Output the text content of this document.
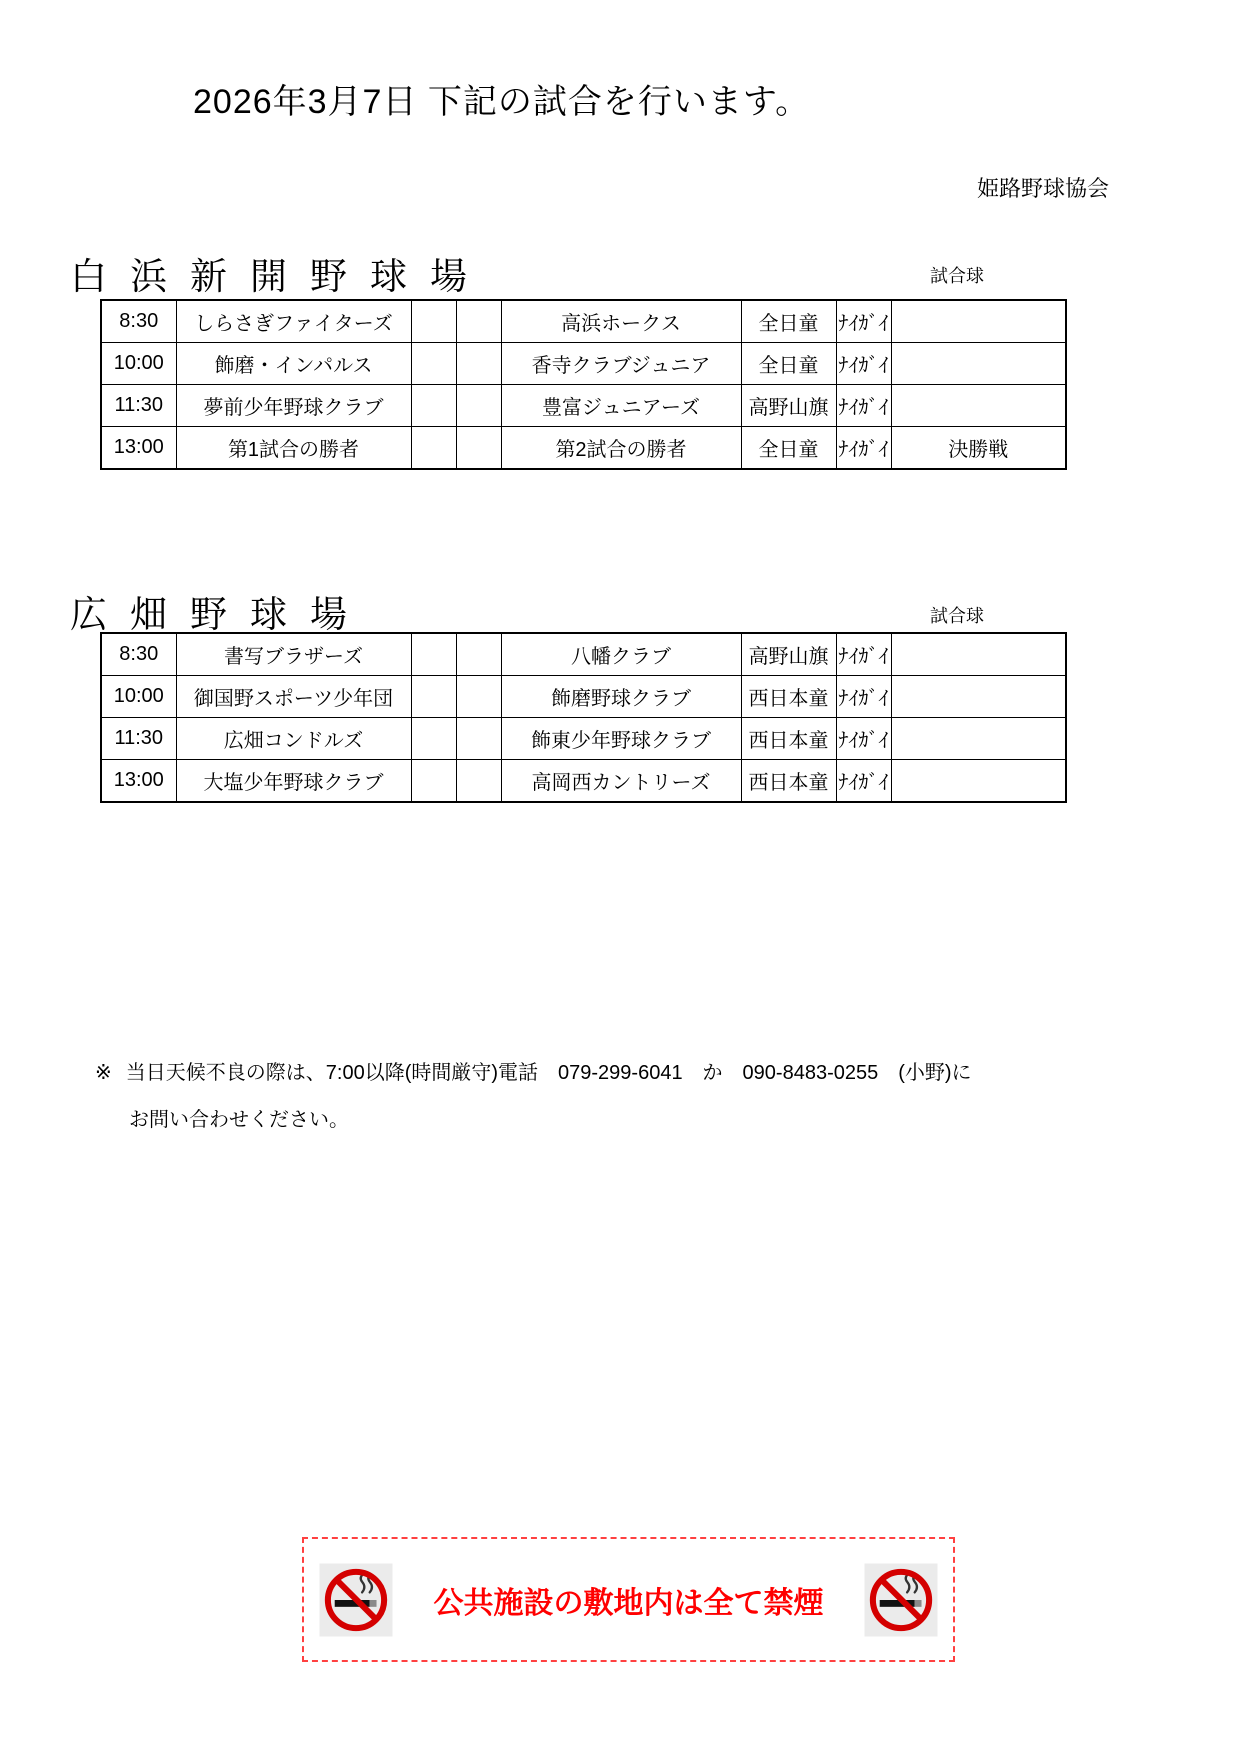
2026年3月7日 下記の試合を行います。
姫路野球協会
白浜新開野球場	試合球
8:30	しらさぎファイターズ			高浜ホークス	全日童	ﾅｲｶﾞｲ	
10:00	飾磨・インパルス			香寺クラブジュニア	全日童	ﾅｲｶﾞｲ	
11:30	夢前少年野球クラブ			豊富ジュニアーズ	高野山旗	ﾅｲｶﾞｲ	
13:00	第1試合の勝者			第2試合の勝者	全日童	ﾅｲｶﾞｲ	決勝戦
広畑野球場	試合球
8:30	書写ブラザーズ			八幡クラブ	高野山旗	ﾅｲｶﾞｲ	
10:00	御国野スポーツ少年団			飾磨野球クラブ	西日本童	ﾅｲｶﾞｲ	
11:30	広畑コンドルズ			飾東少年野球クラブ	西日本童	ﾅｲｶﾞｲ	
13:00	大塩少年野球クラブ			高岡西カントリーズ	西日本童	ﾅｲｶﾞｲ	
※ 当日天候不良の際は、7:00以降(時間厳守)電話　079-299-6041　か　090-8483-0255　(小野)に
お問い合わせください。
公共施設の敷地内は全て禁煙
